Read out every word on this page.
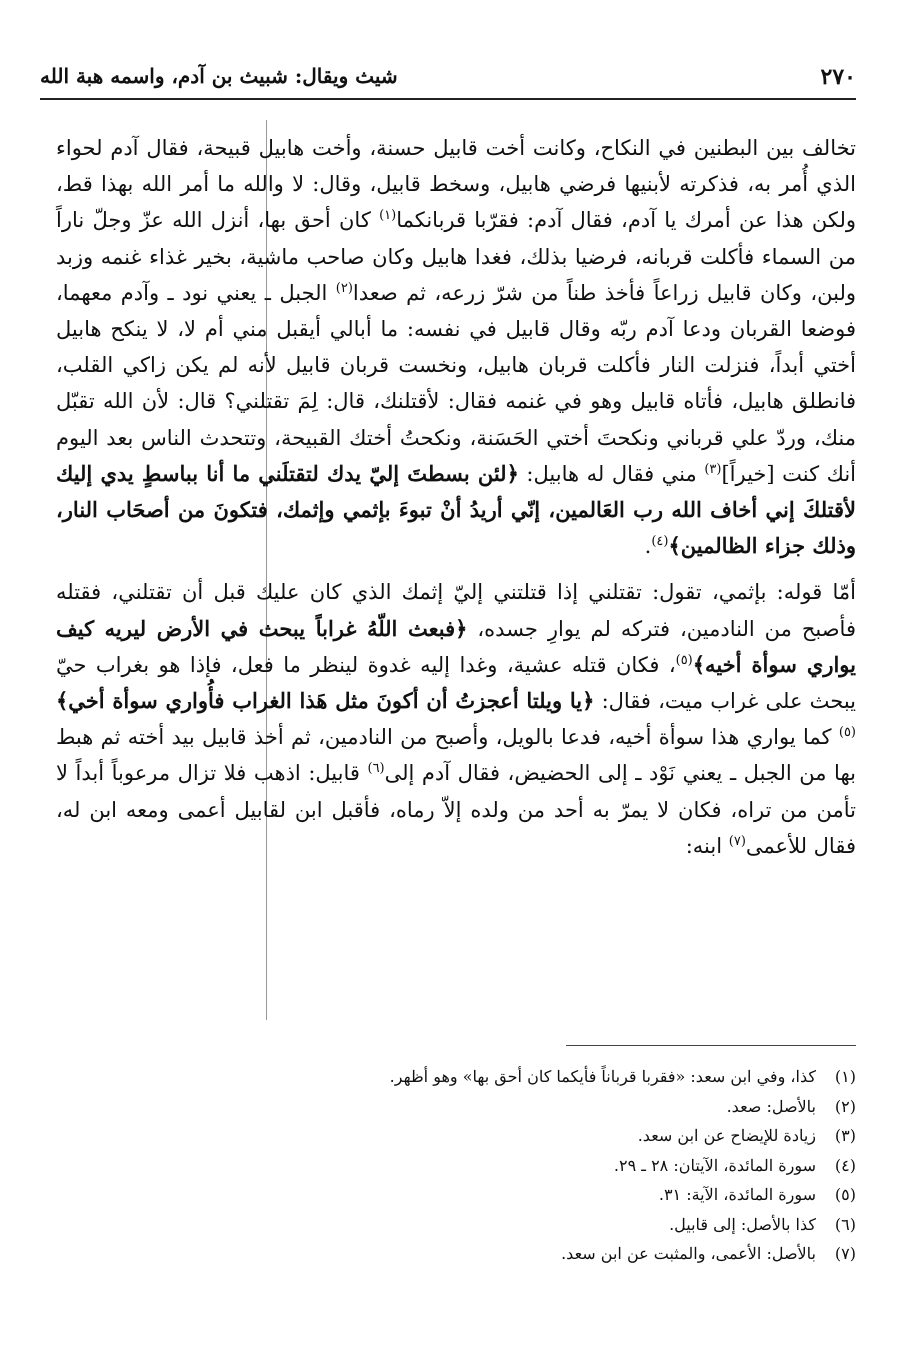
٢٧٠
شيث ويقال: شبيث بن آدم، واسمه هبة الله

تخالف بين البطنين في النكاح، وكانت أخت قابيل حسنة، وأخت هابيل قبيحة، فقال آدم لحواء الذي أُمر به، فذكرته لأبنيها فرضي هابيل، وسخط قابيل، وقال: لا والله ما أمر الله بهذا قط، ولكن هذا عن أمرك يا آدم، فقال آدم: فقرّبا قربانكما$^{(١)}$ كان أحق بها، أنزل الله عزّ وجلّ ناراً من السماء فأكلت قربانه، فرضيا بذلك، فغدا هابيل وكان صاحب ماشية، بخير غذاء غنمه وزبد ولبن، وكان قابيل زراعاً فأخذ طناً من شرّ زرعه، ثم صعدا$^{(٢)}$ الجبل ـ يعني نود ـ وآدم معهما، فوضعا القربان ودعا آدم ربّه وقال قابيل في نفسه: ما أبالي أيقبل مني أم لا، لا ينكح هابيل أختي أبداً، فنزلت النار فأكلت قربان هابيل، ونخست قربان قابيل لأنه لم يكن زاكي القلب، فانطلق هابيل، فأتاه قابيل وهو في غنمه فقال: لأقتلنك، قال: لِمَ تقتلني؟ قال: لأن الله تقبّل منك، وردّ علي قرباني ونكحتَ أختي الحَسَنة، ونكحتُ أختك القبيحة، وتتحدث الناس بعد اليوم أنك كنت [خيراً]$^{(٣)}$ مني فقال له هابيل: ﴿لئن بسطتَ إليّ يدك لتقتلَني ما أنا بباسطٍ يدي إليك لأقتلكَ إني أخاف الله رب العَالمين، إنّي أريدُ أنْ تبوءَ بإثمي وإثمك، فتكونَ من أصحَاب النار، وذلك جزاء الظالمين﴾$^{(٤)}$.

أمّا قوله: بإثمي، تقول: تقتلني إذا قتلتني إليّ إثمك الذي كان عليك قبل أن تقتلني، فقتله فأصبح من النادمين، فتركه لم يوارِ جسده، ﴿فبعث اللّهُ غراباً يبحث في الأرض ليريه كيف يواري سوأة أخيه﴾$^{(٥)}$، فكان قتله عشية، وغدا إليه غدوة لينظر ما فعل، فإذا هو بغراب حيّ يبحث على غراب ميت، فقال: ﴿يا ويلتا أعجزتُ أن أكونَ مثل هَذا الغراب فأُواري سوأة أخي﴾$^{(٥)}$ كما يواري هذا سوأة أخيه، فدعا بالويل، وأصبح من النادمين، ثم أخذ قابيل بيد أخته ثم هبط بها من الجبل ـ يعني نَوْد ـ إلى الحضيض، فقال آدم إلى$^{(٦)}$ قابيل: اذهب فلا تزال مرعوباً أبداً لا تأمن من تراه، فكان لا يمرّ به أحد من ولده إلاّ رماه، فأقبل ابن لقابيل أعمى ومعه ابن له، فقال للأعمى$^{(٧)}$ ابنه:

(١)
كذا، وفي ابن سعد: «فقربا قرباناً فأيكما كان أحق بها» وهو أظهر.
(٢)
بالأصل: صعد.
(٣)
زيادة للإيضاح عن ابن سعد.
(٤)
سورة المائدة، الآيتان: ٢٨ ـ ٢٩.
(٥)
سورة المائدة، الآية: ٣١.
(٦)
كذا بالأصل: إلى قابيل.
(٧)
بالأصل: الأعمى، والمثبت عن ابن سعد.
